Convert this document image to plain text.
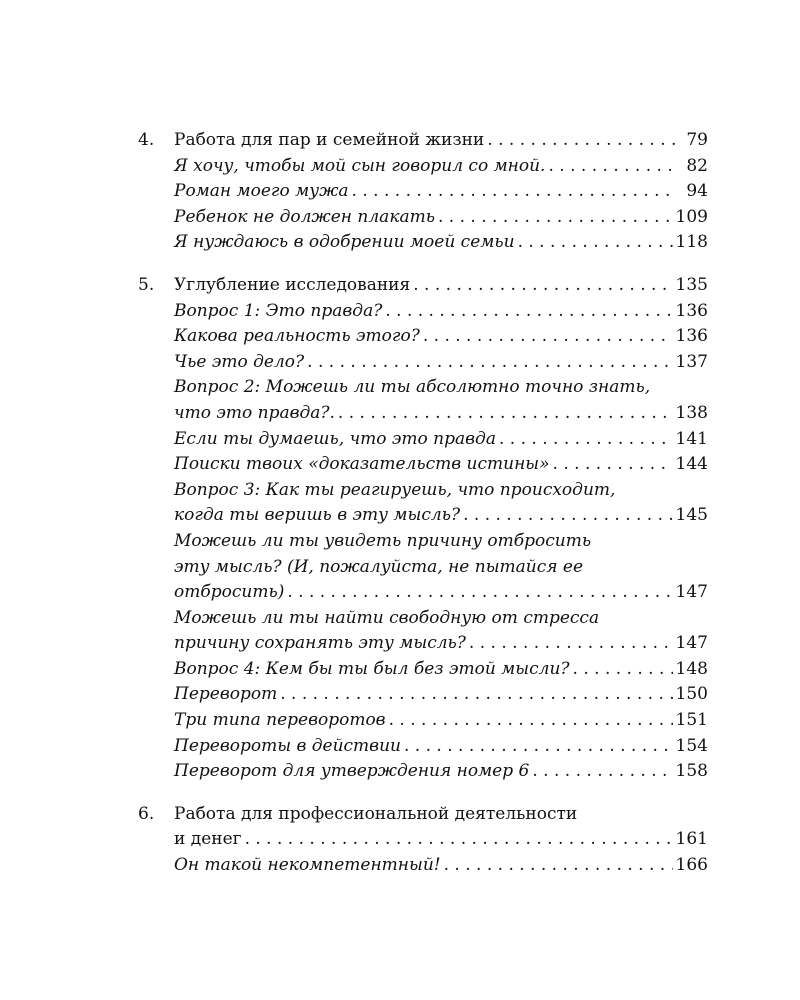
4.	Работа для пар и семейной жизни . . .	79
Я хочу, чтобы мой сын говорил со мной. . . .	82
Роман моего мужа . . .	94
Ребенок не должен плакать . . .	109
Я нуждаюсь в одобрении моей семьи . . .	118
5.	Углубление исследования . . .	135
Вопрос 1: Это правда? . . .	136
Какова реальность этого? . . .	136
Чье это дело? . . .	137
Вопрос 2: Можешь ли ты абсолютно точно знать,
что это правда?. . . .	138
Если ты думаешь, что это правда . . .	141
Поиски твоих «доказательств истины» . . .	144
Вопрос 3: Как ты реагируешь, что происходит,
когда ты веришь в эту мысль? . . .	145
Можешь ли ты увидеть причину отбросить
эту мысль? (И, пожалуйста, не пытайся ее
отбросить) . . .	147
Можешь ли ты найти свободную от стресса
причину сохранять эту мысль? . . .	147
Вопрос 4: Кем бы ты был без этой мысли? . . .	148
Переворот . . .	150
Три типа переворотов . . .	151
Перевороты в действии . . .	154
Переворот для утверждения номер 6 . . .	158
6.	Работа для профессиональной деятельности
и денег . . .	161
Он такой некомпетентный! . . .	166
